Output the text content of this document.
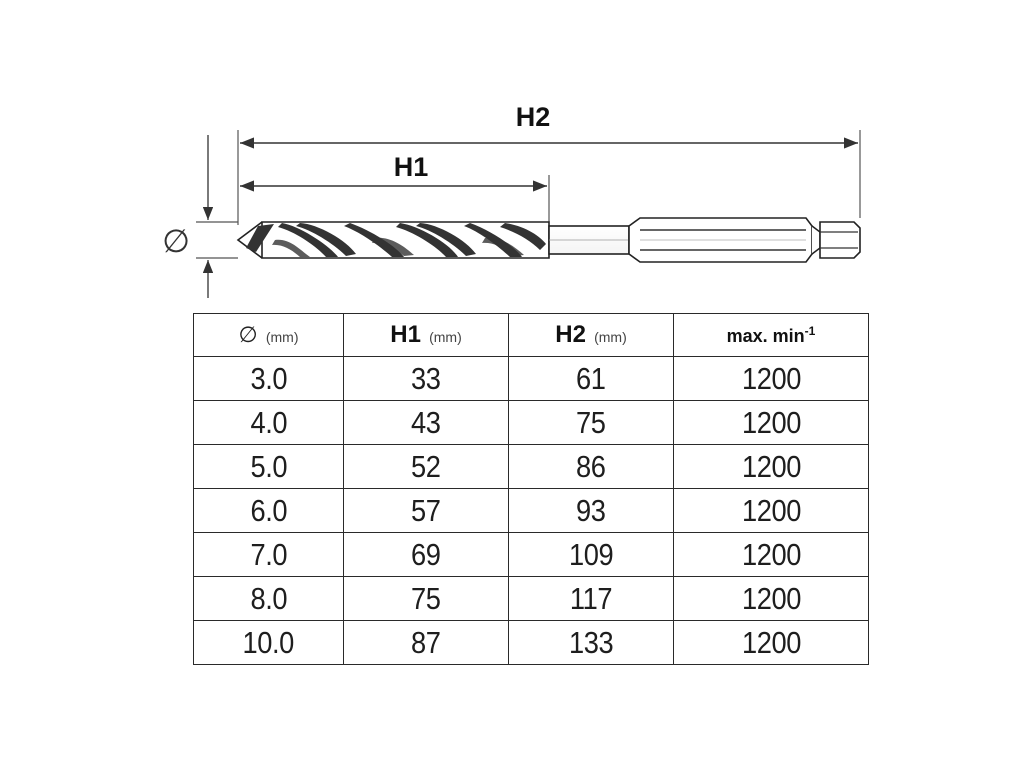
H2
H1
∅
∅ (mm)	H1 (mm)	H2 (mm)	max. $\min^{-1}$
3.0	33	61	1200
4.0	43	75	1200
5.0	52	86	1200
6.0	57	93	1200
7.0	69	109	1200
8.0	75	117	1200
10.0	87	133	1200
